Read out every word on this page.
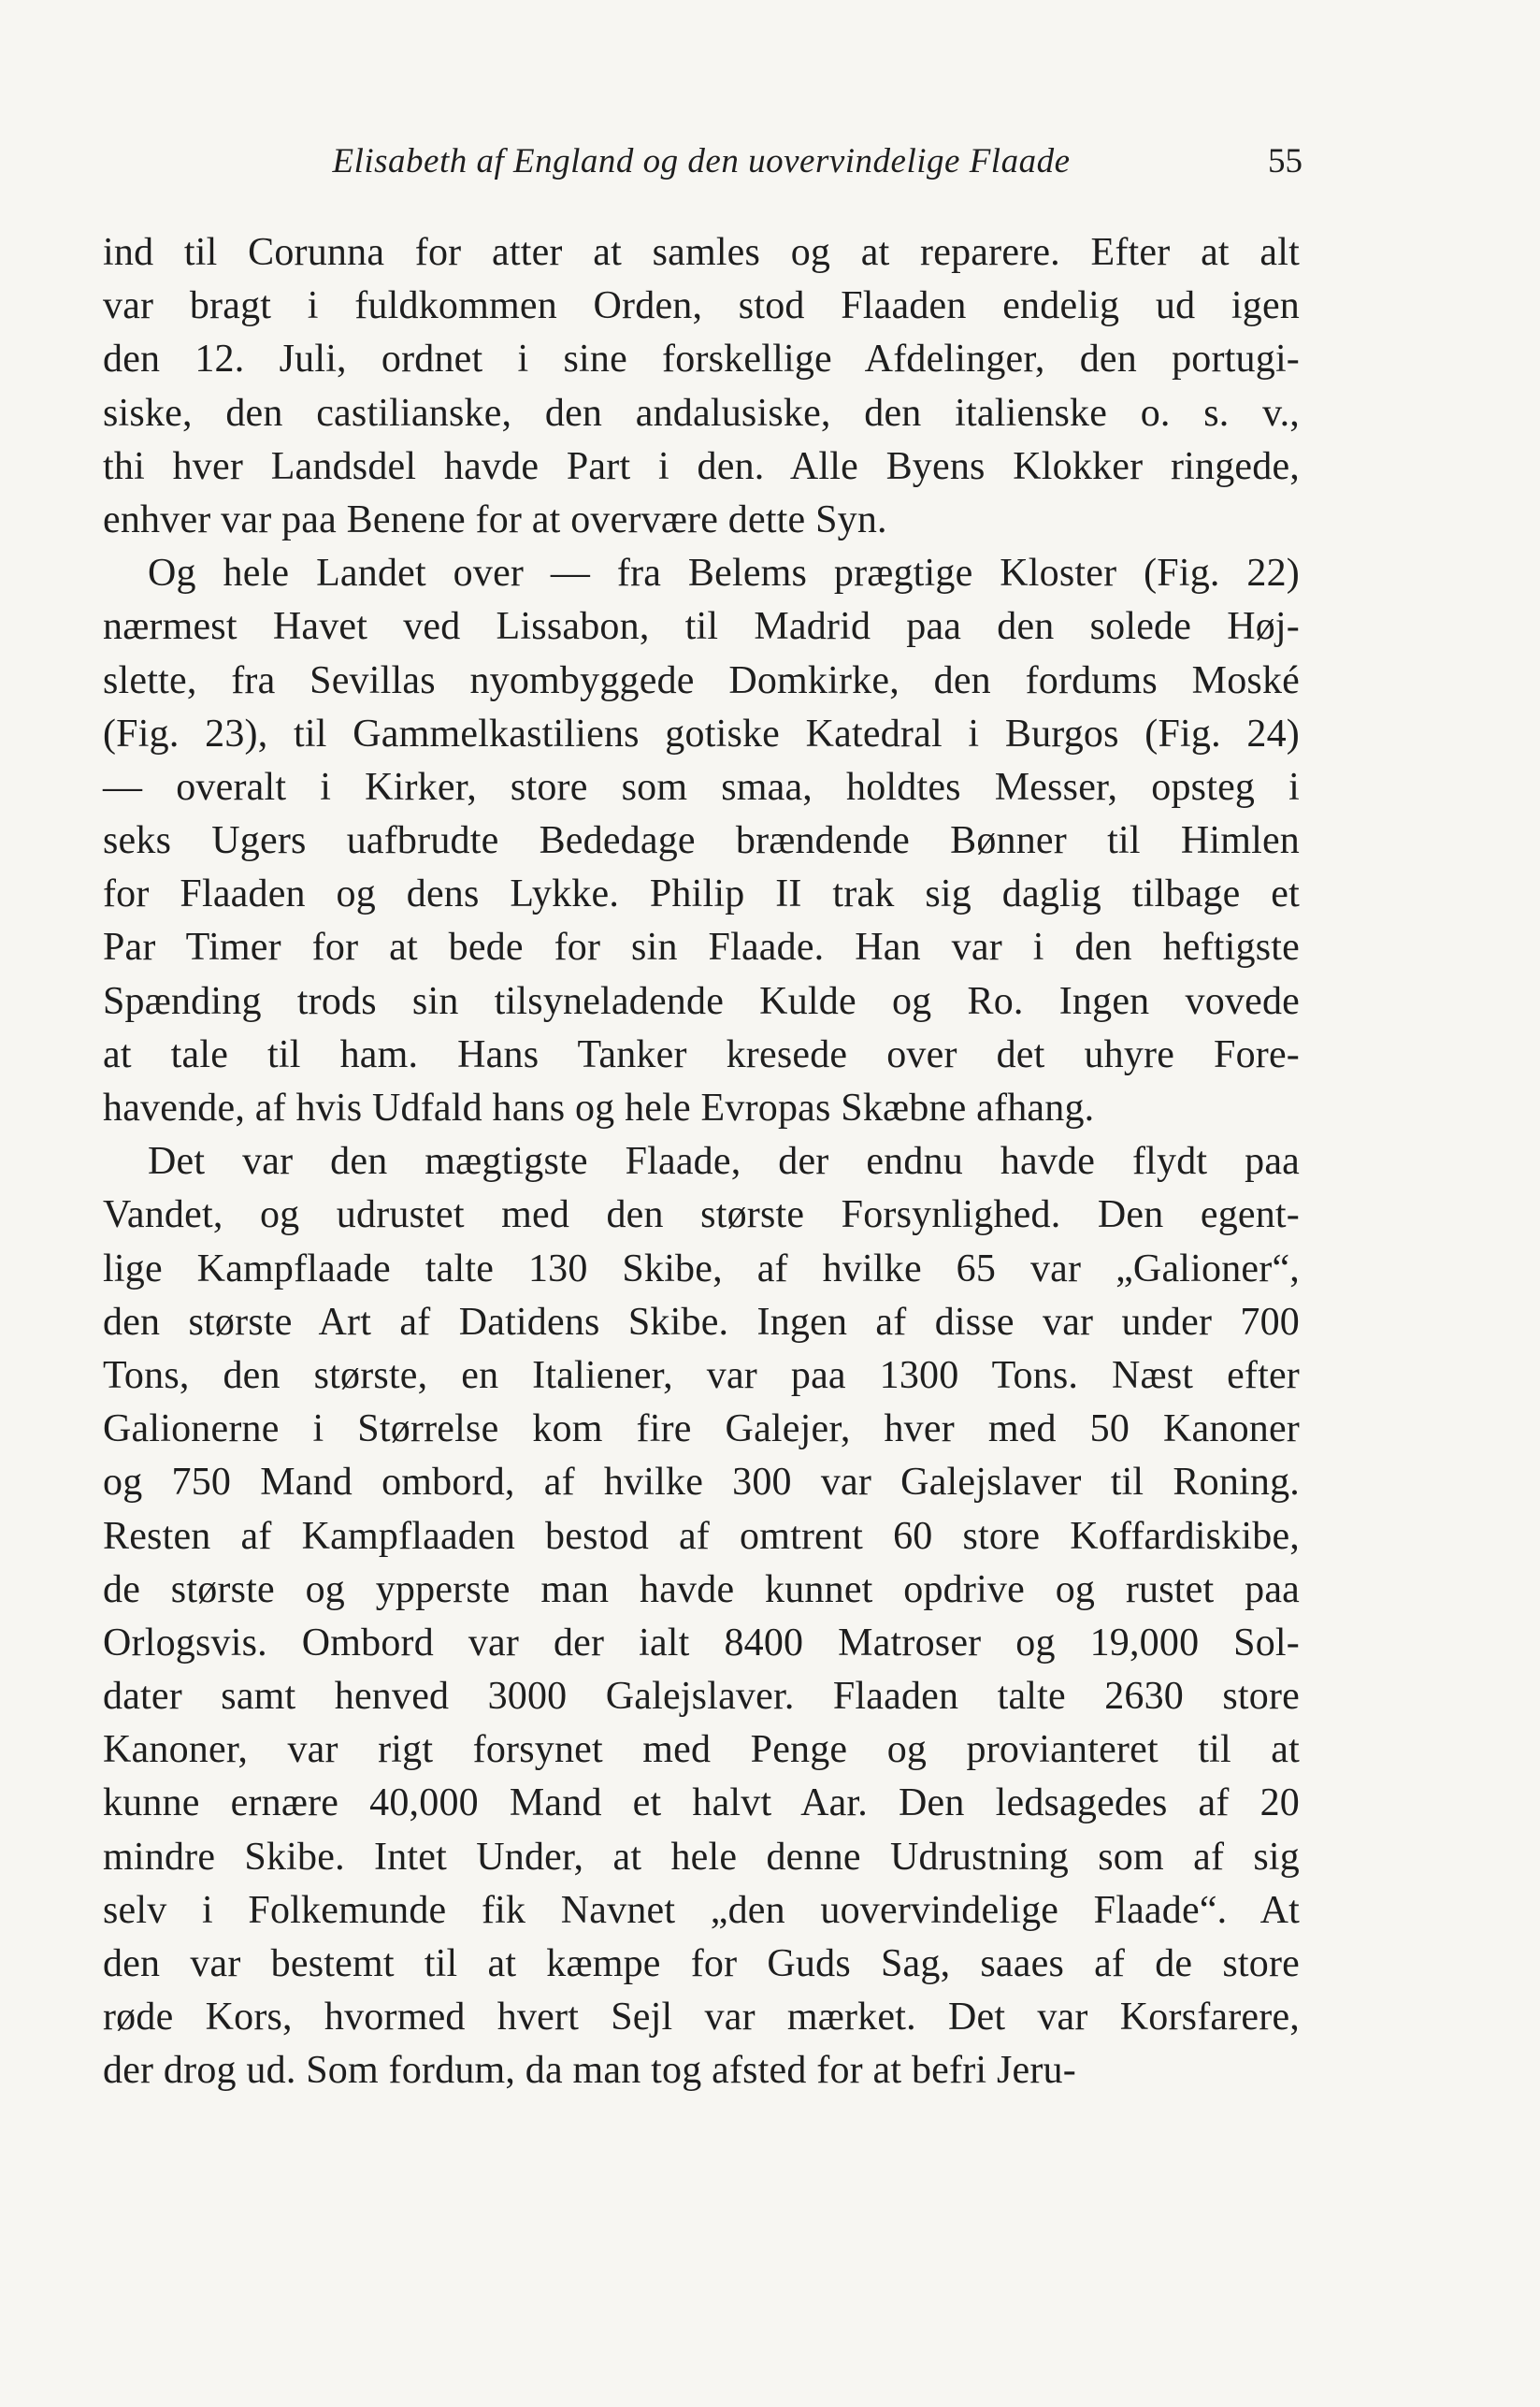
Elisabeth af England og den uovervindelige Flaade	55
ind til Corunna for atter at samles og at reparere. Efter at alt
var bragt i fuldkommen Orden, stod Flaaden endelig ud igen
den 12. Juli, ordnet i sine forskellige Afdelinger, den portugi-
siske, den castilianske, den andalusiske, den italienske o. s. v.,
thi hver Landsdel havde Part i den. Alle Byens Klokker ringede,
enhver var paa Benene for at overvære dette Syn.
Og hele Landet over — fra Belems prægtige Kloster (Fig. 22)
nærmest Havet ved Lissabon, til Madrid paa den solede Høj-
slette, fra Sevillas nyombyggede Domkirke, den fordums Moské
(Fig. 23), til Gammelkastiliens gotiske Katedral i Burgos (Fig. 24)
— overalt i Kirker, store som smaa, holdtes Messer, opsteg i
seks Ugers uafbrudte Bededage brændende Bønner til Himlen
for Flaaden og dens Lykke. Philip II trak sig daglig tilbage et
Par Timer for at bede for sin Flaade. Han var i den heftigste
Spænding trods sin tilsyneladende Kulde og Ro. Ingen vovede
at tale til ham. Hans Tanker kresede over det uhyre Fore-
havende, af hvis Udfald hans og hele Evropas Skæbne afhang.
Det var den mægtigste Flaade, der endnu havde flydt paa
Vandet, og udrustet med den største Forsynlighed. Den egent-
lige Kampflaade talte 130 Skibe, af hvilke 65 var „Galioner“,
den største Art af Datidens Skibe. Ingen af disse var under 700
Tons, den største, en Italiener, var paa 1300 Tons. Næst efter
Galionerne i Størrelse kom fire Galejer, hver med 50 Kanoner
og 750 Mand ombord, af hvilke 300 var Galejslaver til Roning.
Resten af Kampflaaden bestod af omtrent 60 store Koffardiskibe,
de største og ypperste man havde kunnet opdrive og rustet paa
Orlogsvis. Ombord var der ialt 8400 Matroser og 19,000 Sol-
dater samt henved 3000 Galejslaver. Flaaden talte 2630 store
Kanoner, var rigt forsynet med Penge og provianteret til at
kunne ernære 40,000 Mand et halvt Aar. Den ledsagedes af 20
mindre Skibe. Intet Under, at hele denne Udrustning som af sig
selv i Folkemunde fik Navnet „den uovervindelige Flaade“. At
den var bestemt til at kæmpe for Guds Sag, saaes af de store
røde Kors, hvormed hvert Sejl var mærket. Det var Korsfarere,
der drog ud. Som fordum, da man tog afsted for at befri Jeru-
